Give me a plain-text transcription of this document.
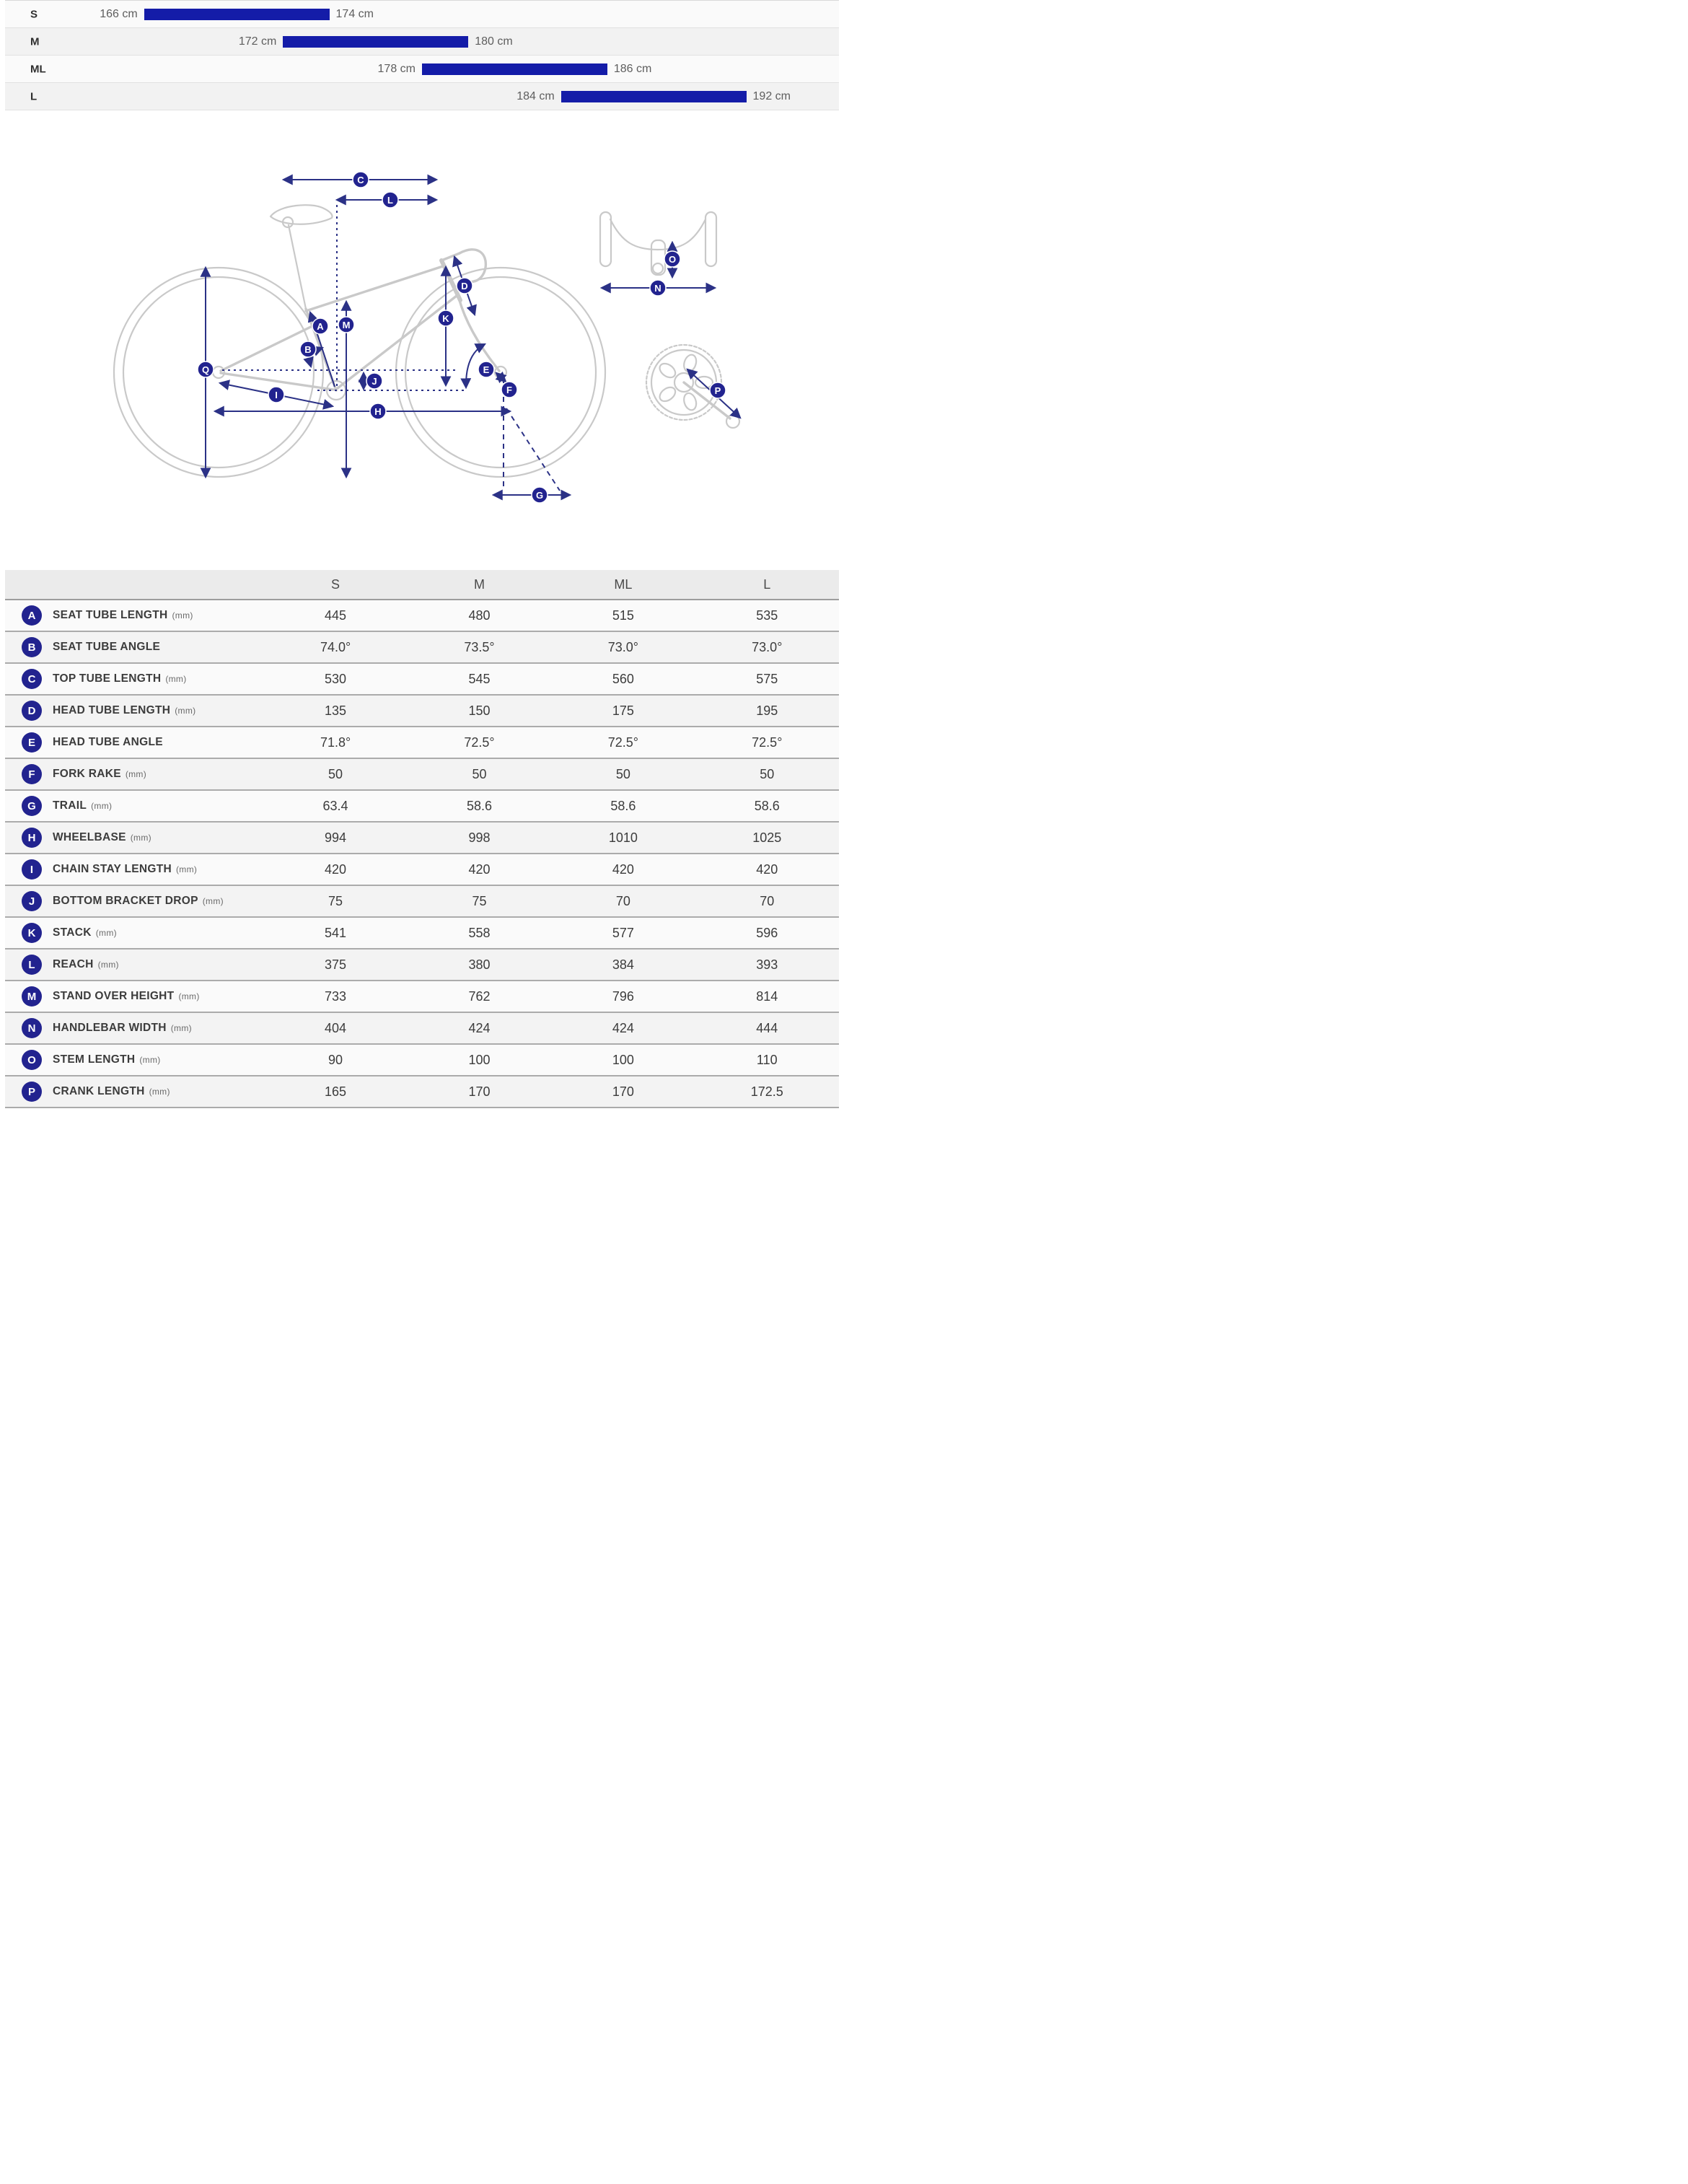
S	166 cm	174 cm
M	172 cm	180 cm
ML	178 cm	186 cm
L	184 cm	192 cm
A
B
C
D
E
F
G
H
I
J
K
L
M
N
O
P
Q
S	M	ML	L
A	SEAT TUBE LENGTH (mm)	445	480	515	535
B	SEAT TUBE ANGLE	74.0°	73.5°	73.0°	73.0°
C	TOP TUBE LENGTH (mm)	530	545	560	575
D	HEAD TUBE LENGTH (mm)	135	150	175	195
E	HEAD TUBE ANGLE	71.8°	72.5°	72.5°	72.5°
F	FORK RAKE (mm)	50	50	50	50
G	TRAIL (mm)	63.4	58.6	58.6	58.6
H	WHEELBASE (mm)	994	998	1010	1025
I	CHAIN STAY LENGTH (mm)	420	420	420	420
J	BOTTOM BRACKET DROP (mm)	75	75	70	70
K	STACK (mm)	541	558	577	596
L	REACH (mm)	375	380	384	393
M	STAND OVER HEIGHT (mm)	733	762	796	814
N	HANDLEBAR WIDTH (mm)	404	424	424	444
O	STEM LENGTH (mm)	90	100	100	110
P	CRANK LENGTH (mm)	165	170	170	172.5
